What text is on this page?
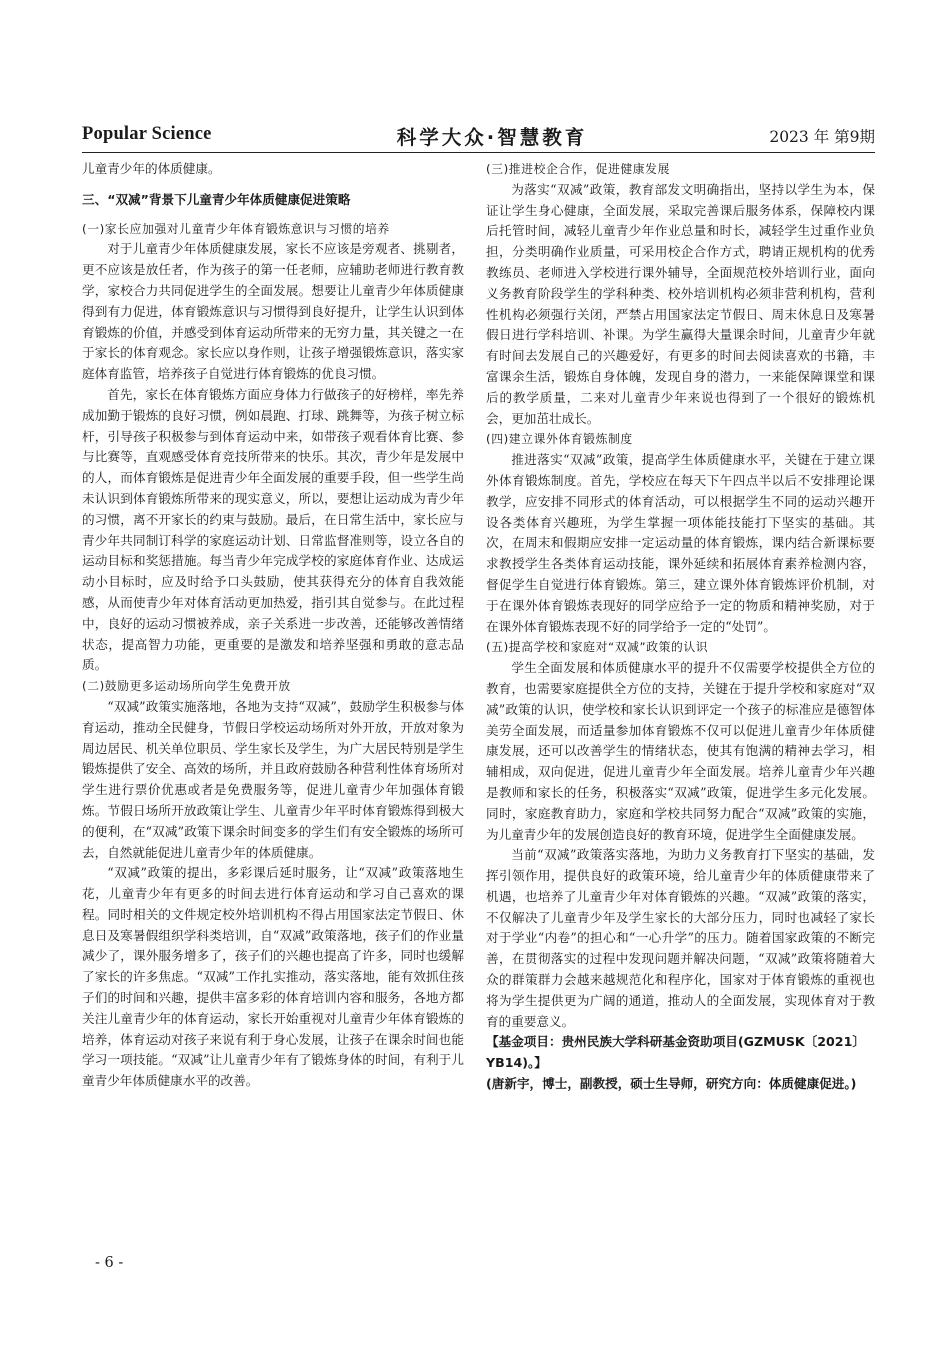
Popular Science	科学大众·智慧教育	2023 年 第9期

儿童青少年的体质健康。

三、“双减”背景下儿童青少年体质健康促进策略

(一)家长应加强对儿童青少年体育锻炼意识与习惯的培养

对于儿童青少年体质健康发展，家长不应该是旁观者、挑剔者，更不应该是放任者，作为孩子的第一任老师，应辅助老师进行教育教学，家校合力共同促进学生的全面发展。想要让儿童青少年体质健康得到有力促进，体育锻炼意识与习惯得到良好提升，让学生认识到体育锻炼的价值，并感受到体育运动所带来的无穷力量，其关键之一在于家长的体育观念。家长应以身作则，让孩子增强锻炼意识，落实家庭体育监管，培养孩子自觉进行体育锻炼的优良习惯。

首先，家长在体育锻炼方面应身体力行做孩子的好榜样，率先养成加勤于锻炼的良好习惯，例如晨跑、打球、跳舞等，为孩子树立标杆，引导孩子积极参与到体育运动中来，如带孩子观看体育比赛、参与比赛等，直观感受体育竞技所带来的快乐。其次，青少年是发展中的人，而体育锻炼是促进青少年全面发展的重要手段，但一些学生尚未认识到体育锻炼所带来的现实意义，所以，要想让运动成为青少年的习惯，离不开家长的约束与鼓励。最后，在日常生活中，家长应与青少年共同制订科学的家庭运动计划、日常监督准则等，设立各自的运动目标和奖惩措施。每当青少年完成学校的家庭体育作业、达成运动小目标时，应及时给予口头鼓励，使其获得充分的体育自我效能感，从而使青少年对体育活动更加热爱，指引其自觉参与。在此过程中，良好的运动习惯被养成，亲子关系进一步改善，还能够改善情绪状态，提高智力功能，更重要的是激发和培养坚强和勇敢的意志品质。

(二)鼓励更多运动场所向学生免费开放

“双减”政策实施落地，各地为支持“双减”，鼓励学生积极参与体育运动，推动全民健身，节假日学校运动场所对外开放，开放对象为周边居民、机关单位职员、学生家长及学生，为广大居民特别是学生锻炼提供了安全、高效的场所，并且政府鼓励各种营利性体育场所对学生进行票价优惠或者是免费服务等，促进儿童青少年加强体育锻炼。节假日场所开放政策让学生、儿童青少年平时体育锻炼得到极大的便利，在“双减”政策下课余时间变多的学生们有安全锻炼的场所可去，自然就能促进儿童青少年的体质健康。

“双减”政策的提出，多彩课后延时服务，让“双减”政策落地生花，儿童青少年有更多的时间去进行体育运动和学习自己喜欢的课程。同时相关的文件规定校外培训机构不得占用国家法定节假日、休息日及寒暑假组织学科类培训，自“双减”政策落地，孩子们的作业量减少了，课外服务增多了，孩子们的兴趣也提高了许多，同时也缓解了家长的许多焦虑。“双减”工作扎实推动，落实落地，能有效抓住孩子们的时间和兴趣，提供丰富多彩的体育培训内容和服务，各地方都关注儿童青少年的体育运动，家长开始重视对儿童青少年体育锻炼的培养，体育运动对孩子来说有利于身心发展，让孩子在课余时间也能学习一项技能。“双减”让儿童青少年有了锻炼身体的时间，有利于儿童青少年体质健康水平的改善。

(三)推进校企合作，促进健康发展

为落实“双减”政策，教育部发文明确指出，坚持以学生为本，保证让学生身心健康，全面发展，采取完善课后服务体系，保障校内课后托管时间，减轻儿童青少年作业总量和时长，减轻学生过重作业负担，分类明确作业质量，可采用校企合作方式，聘请正规机构的优秀教练员、老师进入学校进行课外辅导，全面规范校外培训行业，面向义务教育阶段学生的学科种类、校外培训机构必须非营利机构，营利性机构必须强行关闭，严禁占用国家法定节假日、周末休息日及寒暑假日进行学科培训、补课。为学生赢得大量课余时间，儿童青少年就有时间去发展自己的兴趣爱好，有更多的时间去阅读喜欢的书籍，丰富课余生活，锻炼自身体魄，发现自身的潜力，一来能保障课堂和课后的教学质量，二来对儿童青少年来说也得到了一个很好的锻炼机会，更加茁壮成长。

(四)建立课外体育锻炼制度

推进落实“双减”政策，提高学生体质健康水平，关键在于建立课外体育锻炼制度。首先，学校应在每天下午四点半以后不安排理论课教学，应安排不同形式的体育活动，可以根据学生不同的运动兴趣开设各类体育兴趣班，为学生掌握一项体能技能打下坚实的基础。其次，在周末和假期应安排一定运动量的体育锻炼，课内结合新课标要求教授学生各类体育运动技能，课外延续和拓展体育素养检测内容，督促学生自觉进行体育锻炼。第三，建立课外体育锻炼评价机制，对于在课外体育锻炼表现好的同学应给予一定的物质和精神奖励，对于在课外体育锻炼表现不好的同学给予一定的“处罚”。

(五)提高学校和家庭对“双减”政策的认识

学生全面发展和体质健康水平的提升不仅需要学校提供全方位的教育，也需要家庭提供全方位的支持，关键在于提升学校和家庭对“双减”政策的认识，使学校和家长认识到评定一个孩子的标准应是德智体美劳全面发展，而适量参加体育锻炼不仅可以促进儿童青少年体质健康发展，还可以改善学生的情绪状态，使其有饱满的精神去学习，相辅相成，双向促进，促进儿童青少年全面发展。培养儿童青少年兴趣是教师和家长的任务，积极落实“双减”政策，促进学生多元化发展。同时，家庭教育助力，家庭和学校共同努力配合“双减”政策的实施，为儿童青少年的发展创造良好的教育环境，促进学生全面健康发展。

当前“双减”政策落实落地，为助力义务教育打下坚实的基础，发挥引领作用，提供良好的政策环境，给儿童青少年的体质健康带来了机遇，也培养了儿童青少年对体育锻炼的兴趣。“双减”政策的落实，不仅解决了儿童青少年及学生家长的大部分压力，同时也减轻了家长对于学业“内卷”的担心和“一心升学”的压力。随着国家政策的不断完善，在贯彻落实的过程中发现问题并解决问题，“双减”政策将随着大众的群策群力会越来越规范化和程序化，国家对于体育锻炼的重视也将为学生提供更为广阔的通道，推动人的全面发展，实现体育对于教育的重要意义。

【基金项目：贵州民族大学科研基金资助项目(GZMUSK〔2021〕YB14)。】

(唐新宇，博士，副教授，硕士生导师，研究方向：体质健康促进。)

- 6 -
